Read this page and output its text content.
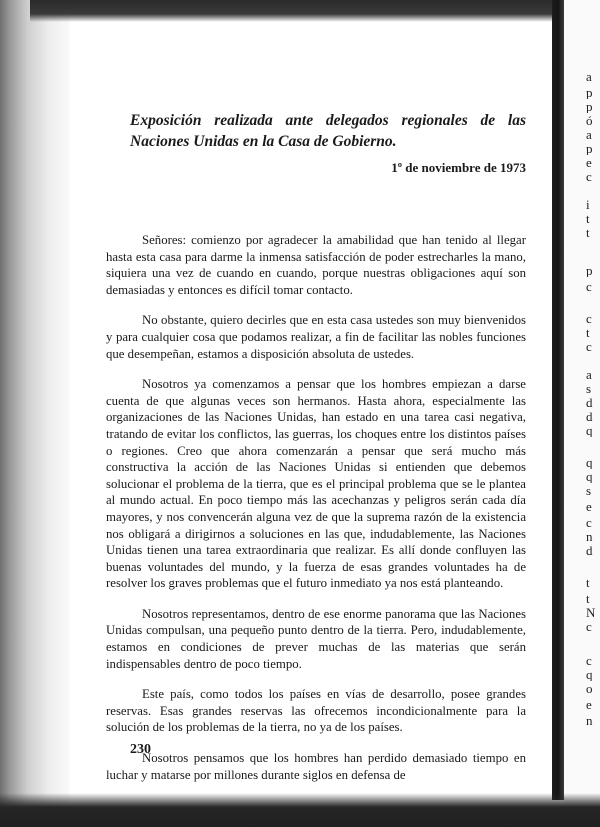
a
p
p
ó
a
p
e
c
i
t
t
p
c
c
t
c
a
s
d
d
q
q
q
s
e
c
n
d
t
t
N
c
c
q
o
e
n
Exposición realizada ante delegados regionales de las Naciones Unidas en la Casa de Gobierno.
1º de noviembre de 1973

Señores: comienzo por agradecer la amabilidad que han tenido al llegar hasta esta casa para darme la inmensa satisfacción de poder estrecharles la mano, siquiera una vez de cuando en cuando, porque nuestras obligaciones aquí son demasiadas y entonces es difícil tomar contacto.

No obstante, quiero decirles que en esta casa ustedes son muy bienvenidos y para cualquier cosa que podamos realizar, a fin de facilitar las nobles funciones que desempeñan, estamos a disposición absoluta de ustedes.

Nosotros ya comenzamos a pensar que los hombres empiezan a darse cuenta de que algunas veces son hermanos. Hasta ahora, especialmente las organizaciones de las Naciones Unidas, han estado en una tarea casi negativa, tratando de evitar los conflictos, las guerras, los choques entre los distintos países o regiones. Creo que ahora comenzarán a pensar que será mucho más constructiva la acción de las Naciones Unidas si entienden que debemos solucionar el problema de la tierra, que es el principal problema que se le plantea al mundo actual. En poco tiempo más las acechanzas y peligros serán cada día mayores, y nos convencerán alguna vez de que la suprema razón de la existencia nos obligará a dirigirnos a soluciones en las que, indudablemente, las Naciones Unidas tienen una tarea extraordinaria que realizar. Es allí donde confluyen las buenas voluntades del mundo, y la fuerza de esas grandes voluntades ha de resolver los graves problemas que el futuro inmediato ya nos está planteando.

Nosotros representamos, dentro de ese enorme panorama que las Naciones Unidas compulsan, una pequeño punto dentro de la tierra. Pero, indudablemente, estamos en condiciones de prever muchas de las materias que serán indispensables dentro de poco tiempo.

Este país, como todos los países en vías de desarrollo, posee grandes reservas. Esas grandes reservas las ofrecemos incondicionalmente para la solución de los problemas de la tierra, no ya de los países.

Nosotros pensamos que los hombres han perdido demasiado tiempo en luchar y matarse por millones durante siglos en defensa de

230
